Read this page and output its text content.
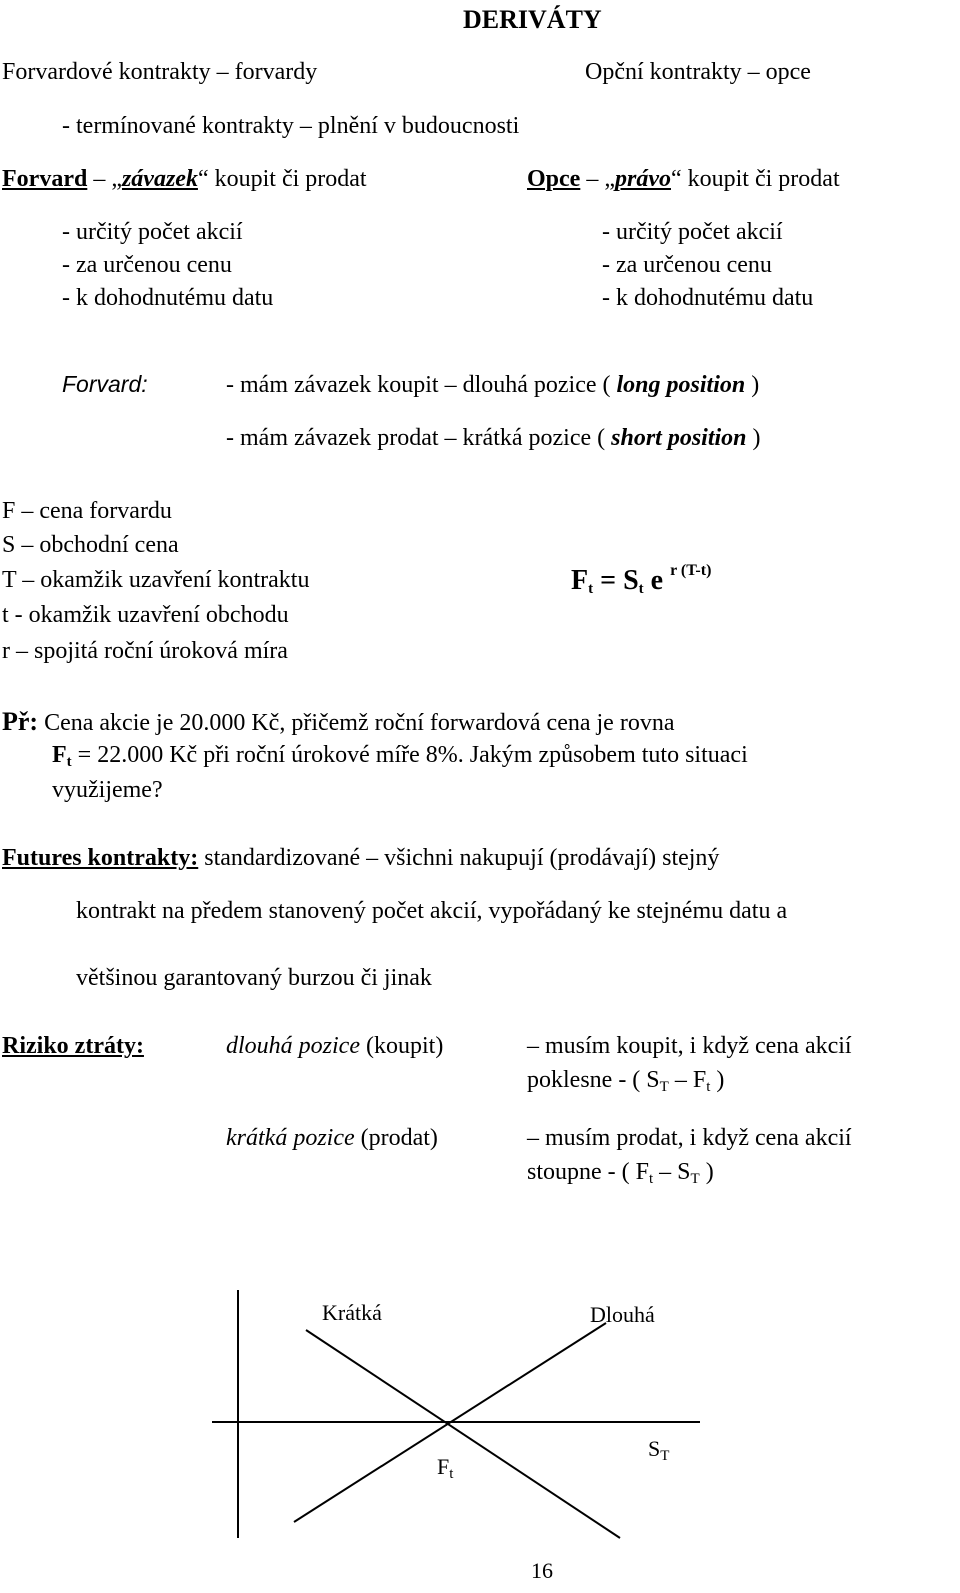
DERIVÁTY
Forvardové kontrakty – forvardy	Opční kontrakty – opce
- termínované kontrakty – plnění v budoucnosti
Forvard – „závazek“ koupit či prodat	Opce – „právo“ koupit či prodat
- určitý počet akcií
- za určenou cenu
- k dohodnutému datu
- určitý počet akcií
- za určenou cenu
- k dohodnutému datu
Forvard:	- mám závazek koupit – dlouhá pozice ( long position )
- mám závazek prodat – krátká pozice ( short position )
F – cena forvardu
S – obchodní cena
T – okamžik uzavření kontraktu
t - okamžik uzavření obchodu
r – spojitá roční úroková míra
$F_t = S_t$ e $^{r (T-t)}$
Př: Cena akcie je 20.000 Kč, přičemž roční forwardová cena je rovna
$F_t = 22.000$ Kč při roční úrokové míře 8%. Jakým způsobem tuto situaci
využijeme?
Futures kontrakty: standardizované – všichni nakupují (prodávají) stejný
kontrakt na předem stanovený počet akcií, vypořádaný ke stejnému datu a
většinou garantovaný burzou či jinak
Riziko ztráty:	dlouhá pozice (koupit)	– musím koupit, i když cena akcií
poklesne - ( $S_T - F_t$ )
krátká pozice (prodat)	– musím prodat, i když cena akcií
stoupne - ( $F_t - S_T$ )
Krátká	Dlouhá
$F_t$
$S_T$
16
